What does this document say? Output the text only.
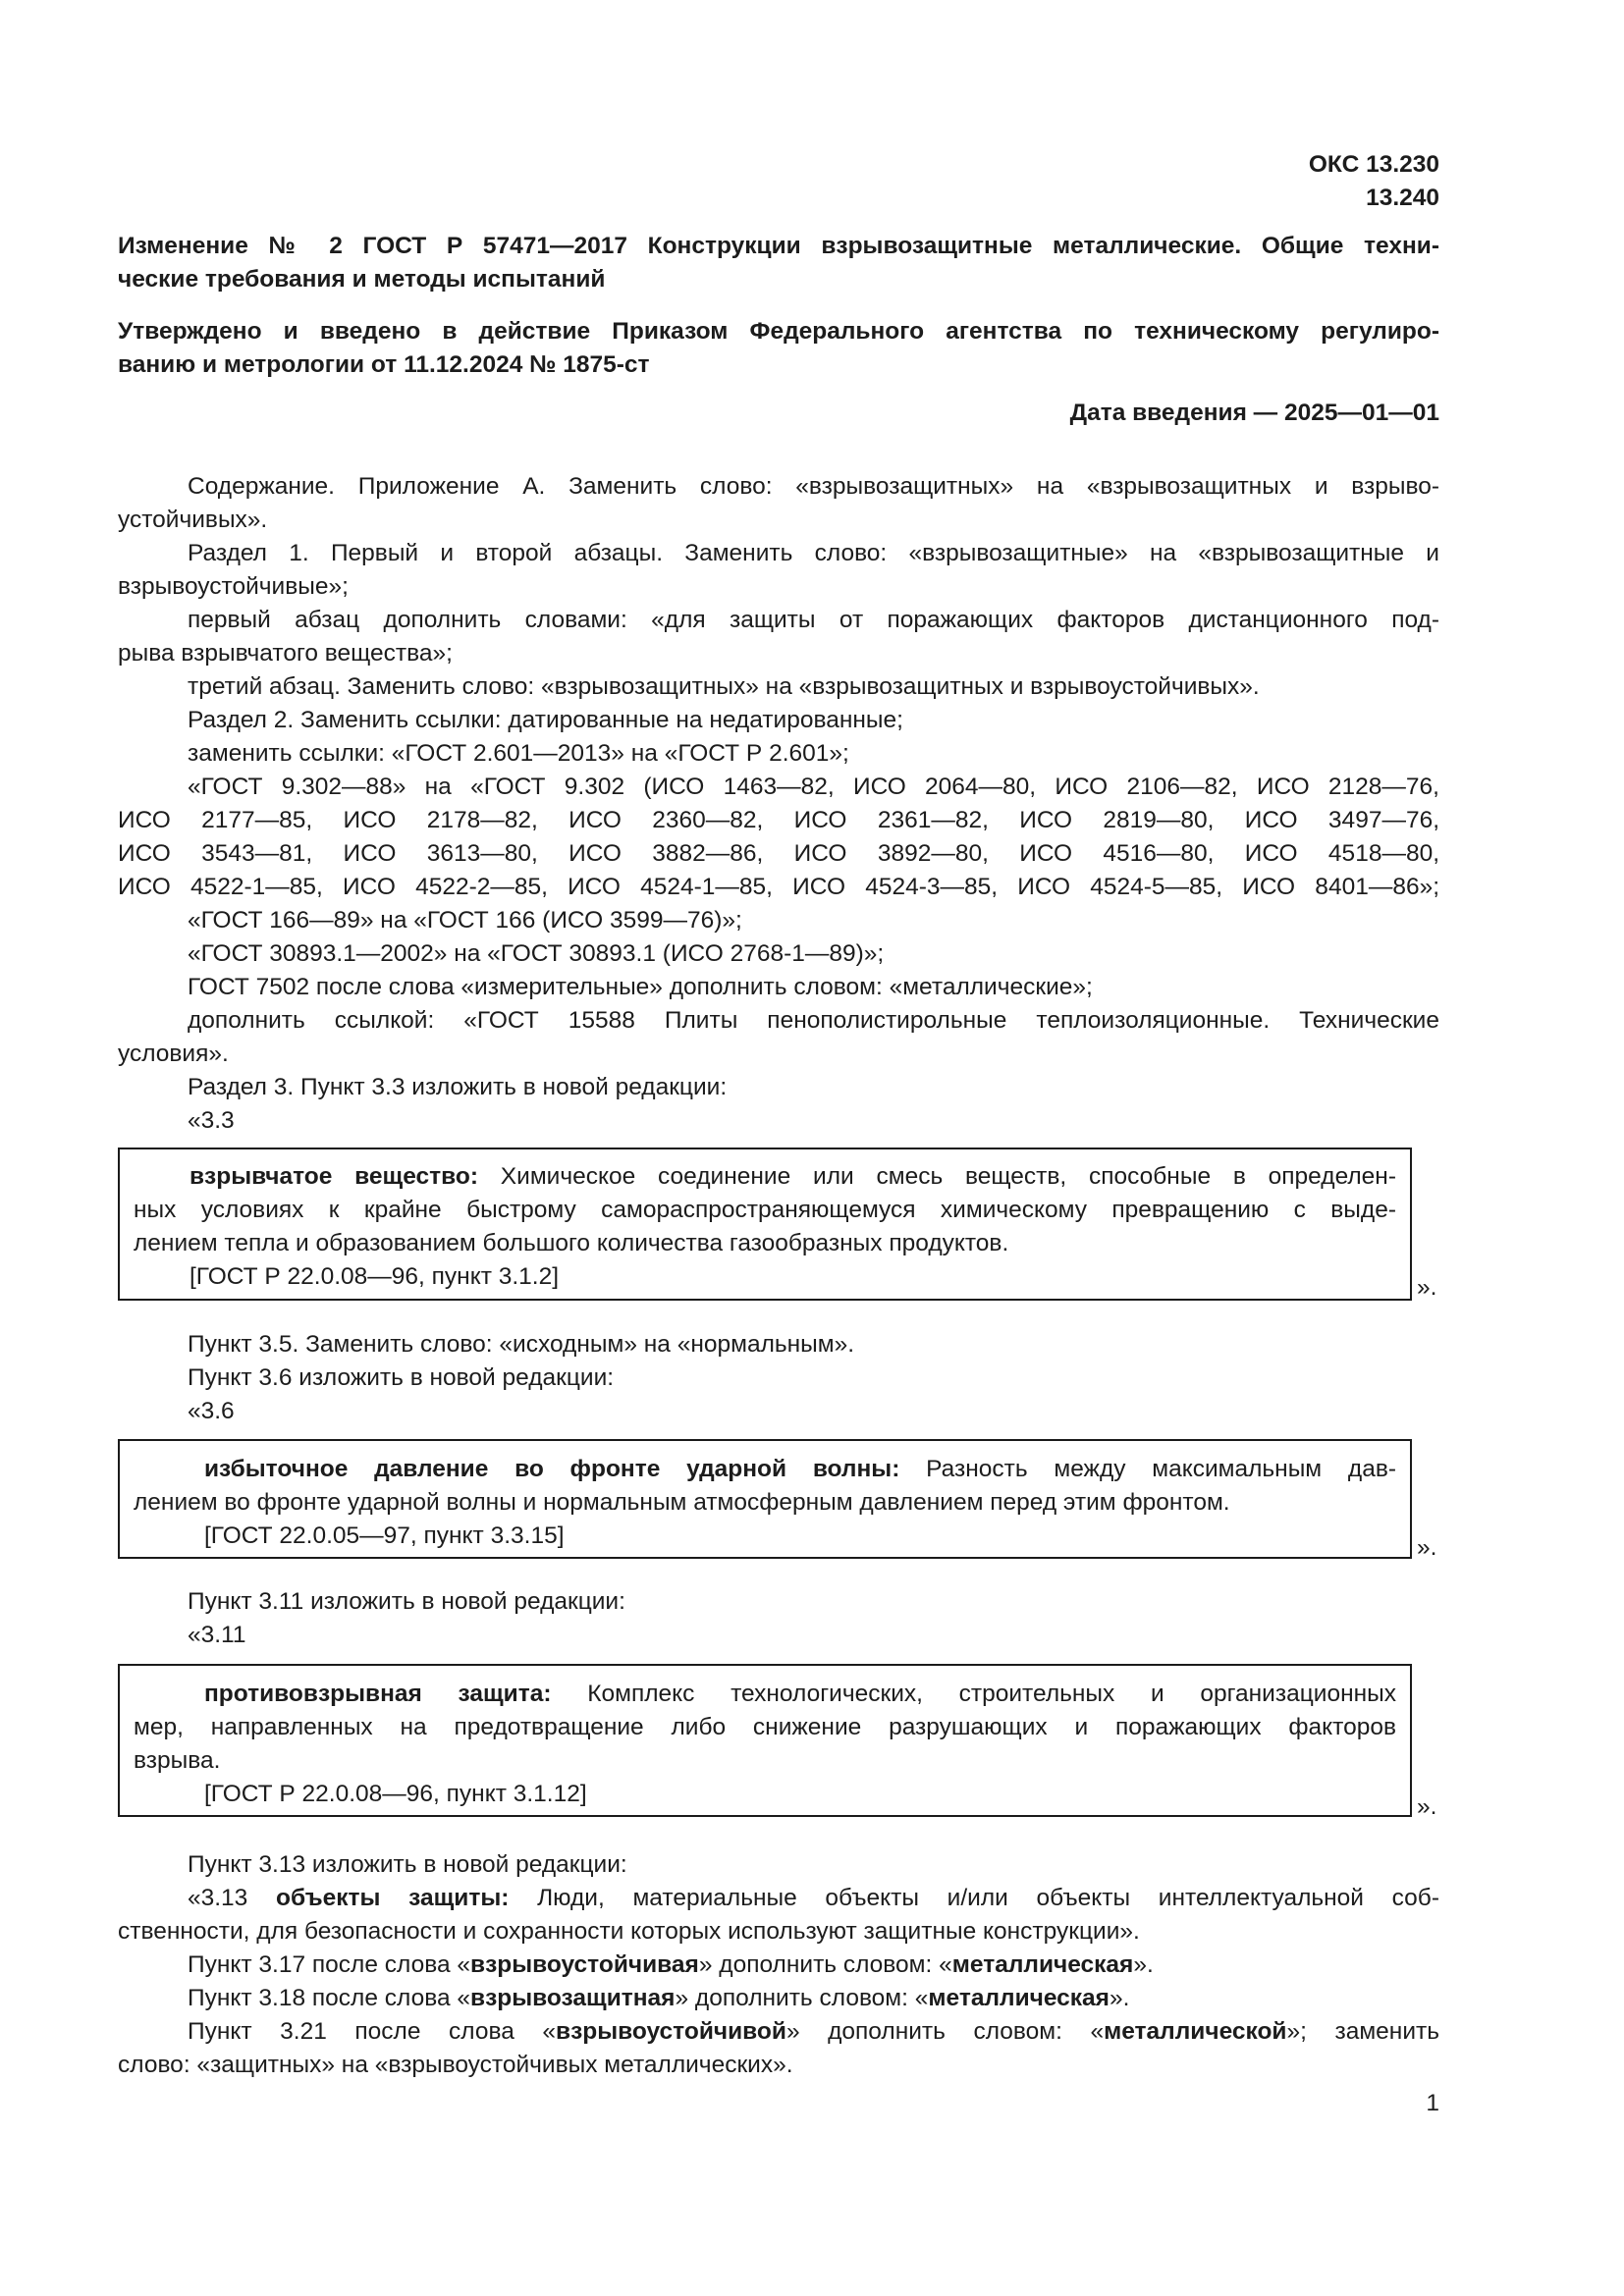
ОКС 13.230
13.240
Изменение № 2 ГОСТ Р 57471—2017 Конструкции взрывозащитные металлические. Общие техни-
ческие требования и методы испытаний
Утверждено и введено в действие Приказом Федерального агентства по техническому регулиро-
ванию и метрологии от 11.12.2024 № 1875-ст
Дата введения — 2025—01—01
Содержание. Приложение А. Заменить слово: «взрывозащитных» на «взрывозащитных и взрыво-
устойчивых».
Раздел 1. Первый и второй абзацы. Заменить слово: «взрывозащитные» на «взрывозащитные и
взрывоустойчивые»;
первый абзац дополнить словами: «для защиты от поражающих факторов дистанционного под-
рыва взрывчатого вещества»;
третий абзац. Заменить слово: «взрывозащитных» на «взрывозащитных и взрывоустойчивых».
Раздел 2. Заменить ссылки: датированные на недатированные;
заменить ссылки: «ГОСТ 2.601—2013» на «ГОСТ Р 2.601»;
«ГОСТ 9.302—88» на «ГОСТ 9.302 (ИСО 1463—82, ИСО 2064—80, ИСО 2106—82, ИСО 2128—76,
ИСО 2177—85, ИСО 2178—82, ИСО 2360—82, ИСО 2361—82, ИСО 2819—80, ИСО 3497—76,
ИСО 3543—81, ИСО 3613—80, ИСО 3882—86, ИСО 3892—80, ИСО 4516—80, ИСО 4518—80,
ИСО 4522-1—85, ИСО 4522-2—85, ИСО 4524-1—85, ИСО 4524-3—85, ИСО 4524-5—85, ИСО 8401—86»;
«ГОСТ 166—89» на «ГОСТ 166 (ИСО 3599—76)»;
«ГОСТ 30893.1—2002» на «ГОСТ 30893.1 (ИСО 2768-1—89)»;
ГОСТ 7502 после слова «измерительные» дополнить словом: «металлические»;
дополнить ссылкой: «ГОСТ 15588 Плиты пенополистирольные теплоизоляционные. Технические
условия».
Раздел 3. Пункт 3.3 изложить в новой редакции:
«3.3
взрывчатое вещество: Химическое соединение или смесь веществ, способные в определен-
ных условиях к крайне быстрому самораспространяющемуся химическому превращению с выде-
лением тепла и образованием большого количества газообразных продуктов.
[ГОСТ Р 22.0.08—96, пункт 3.1.2]	».
Пункт 3.5. Заменить слово: «исходным» на «нормальным».
Пункт 3.6 изложить в новой редакции:
«3.6
избыточное давление во фронте ударной волны: Разность между максимальным дав-
лением во фронте ударной волны и нормальным атмосферным давлением перед этим фронтом.
[ГОСТ 22.0.05—97, пункт 3.3.15]	».
Пункт 3.11 изложить в новой редакции:
«3.11
противовзрывная защита: Комплекс технологических, строительных и организационных
мер, направленных на предотвращение либо снижение разрушающих и поражающих факторов
взрыва.
[ГОСТ Р 22.0.08—96, пункт 3.1.12]	».
Пункт 3.13 изложить в новой редакции:
«3.13 объекты защиты: Люди, материальные объекты и/или объекты интеллектуальной соб-
ственности, для безопасности и сохранности которых используют защитные конструкции».
Пункт 3.17 после слова «взрывоустойчивая» дополнить словом: «металлическая».
Пункт 3.18 после слова «взрывозащитная» дополнить словом: «металлическая».
Пункт 3.21 после слова «взрывоустойчивой» дополнить словом: «металлической»; заменить
слово: «защитных» на «взрывоустойчивых металлических».
1
